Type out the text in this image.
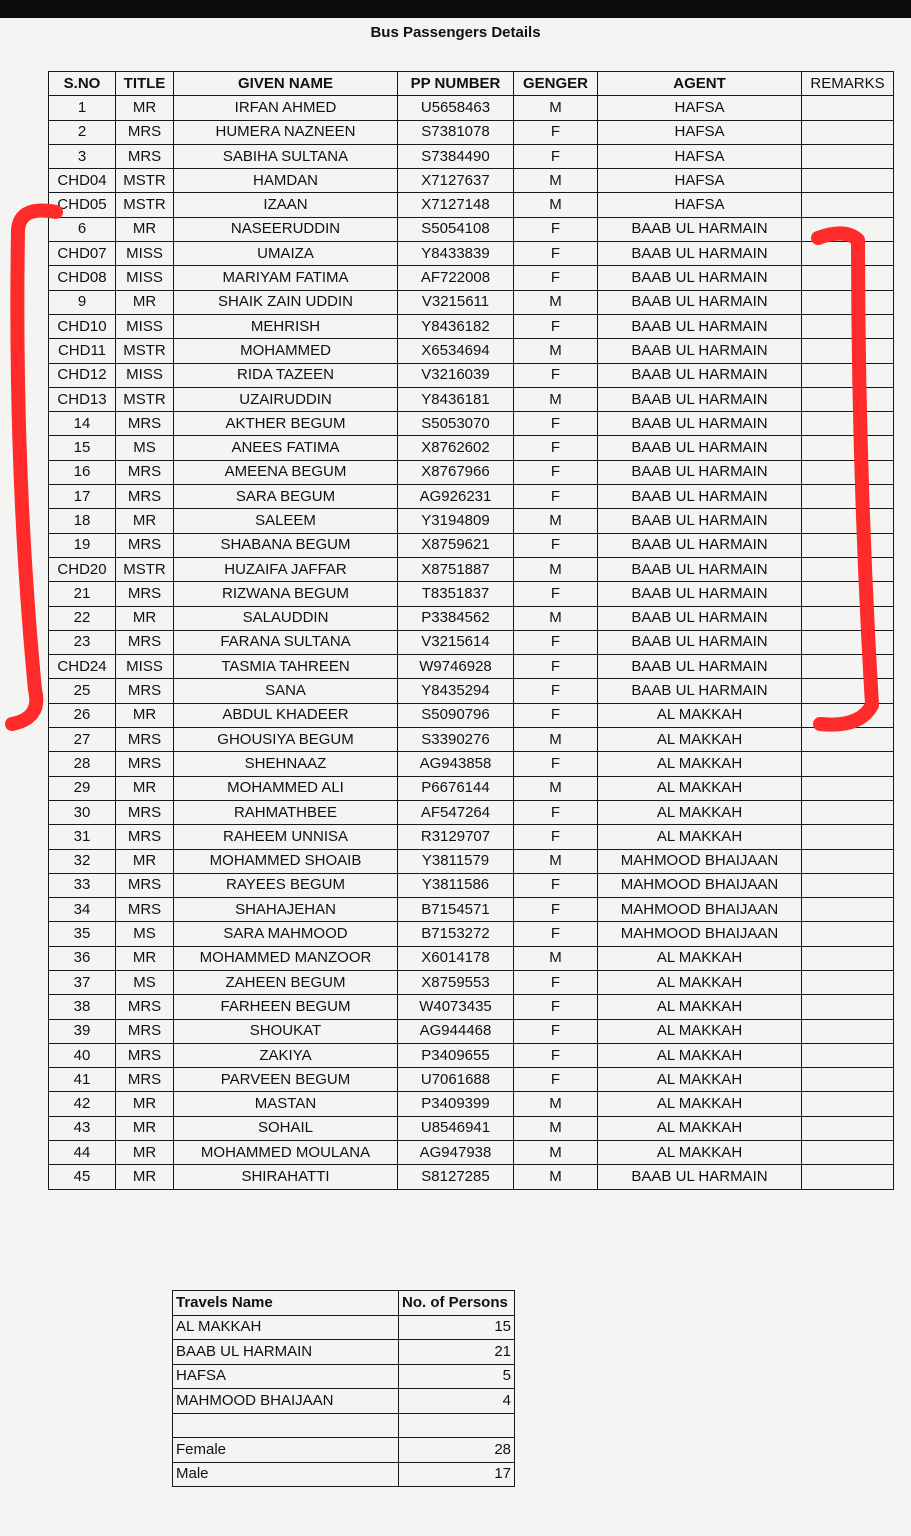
Bus Passengers Details
S.NO	TITLE	GIVEN NAME	PP NUMBER	GENGER	AGENT	REMARKS
1	MR	IRFAN AHMED	U5658463	M	HAFSA	
2	MRS	HUMERA NAZNEEN	S7381078	F	HAFSA	
3	MRS	SABIHA SULTANA	S7384490	F	HAFSA	
CHD04	MSTR	HAMDAN	X7127637	M	HAFSA	
CHD05	MSTR	IZAAN	X7127148	M	HAFSA	
6	MR	NASEERUDDIN	S5054108	F	BAAB UL HARMAIN	
CHD07	MISS	UMAIZA	Y8433839	F	BAAB UL HARMAIN	
CHD08	MISS	MARIYAM FATIMA	AF722008	F	BAAB UL HARMAIN	
9	MR	SHAIK ZAIN UDDIN	V3215611	M	BAAB UL HARMAIN	
CHD10	MISS	MEHRISH	Y8436182	F	BAAB UL HARMAIN	
CHD11	MSTR	MOHAMMED	X6534694	M	BAAB UL HARMAIN	
CHD12	MISS	RIDA TAZEEN	V3216039	F	BAAB UL HARMAIN	
CHD13	MSTR	UZAIRUDDIN	Y8436181	M	BAAB UL HARMAIN	
14	MRS	AKTHER BEGUM	S5053070	F	BAAB UL HARMAIN	
15	MS	ANEES FATIMA	X8762602	F	BAAB UL HARMAIN	
16	MRS	AMEENA BEGUM	X8767966	F	BAAB UL HARMAIN	
17	MRS	SARA BEGUM	AG926231	F	BAAB UL HARMAIN	
18	MR	SALEEM	Y3194809	M	BAAB UL HARMAIN	
19	MRS	SHABANA BEGUM	X8759621	F	BAAB UL HARMAIN	
CHD20	MSTR	HUZAIFA JAFFAR	X8751887	M	BAAB UL HARMAIN	
21	MRS	RIZWANA BEGUM	T8351837	F	BAAB UL HARMAIN	
22	MR	SALAUDDIN	P3384562	M	BAAB UL HARMAIN	
23	MRS	FARANA SULTANA	V3215614	F	BAAB UL HARMAIN	
CHD24	MISS	TASMIA TAHREEN	W9746928	F	BAAB UL HARMAIN	
25	MRS	SANA	Y8435294	F	BAAB UL HARMAIN	
26	MR	ABDUL KHADEER	S5090796	F	AL MAKKAH	
27	MRS	GHOUSIYA BEGUM	S3390276	M	AL MAKKAH	
28	MRS	SHEHNAAZ	AG943858	F	AL MAKKAH	
29	MR	MOHAMMED ALI	P6676144	M	AL MAKKAH	
30	MRS	RAHMATHBEE	AF547264	F	AL MAKKAH	
31	MRS	RAHEEM UNNISA	R3129707	F	AL MAKKAH	
32	MR	MOHAMMED SHOAIB	Y3811579	M	MAHMOOD BHAIJAAN	
33	MRS	RAYEES BEGUM	Y3811586	F	MAHMOOD BHAIJAAN	
34	MRS	SHAHAJEHAN	B7154571	F	MAHMOOD BHAIJAAN	
35	MS	SARA MAHMOOD	B7153272	F	MAHMOOD BHAIJAAN	
36	MR	MOHAMMED MANZOOR	X6014178	M	AL MAKKAH	
37	MS	ZAHEEN BEGUM	X8759553	F	AL MAKKAH	
38	MRS	FARHEEN BEGUM	W4073435	F	AL MAKKAH	
39	MRS	SHOUKAT	AG944468	F	AL MAKKAH	
40	MRS	ZAKIYA	P3409655	F	AL MAKKAH	
41	MRS	PARVEEN BEGUM	U7061688	F	AL MAKKAH	
42	MR	MASTAN	P3409399	M	AL MAKKAH	
43	MR	SOHAIL	U8546941	M	AL MAKKAH	
44	MR	MOHAMMED MOULANA	AG947938	M	AL MAKKAH	
45	MR	SHIRAHATTI	S8127285	M	BAAB UL HARMAIN	
Travels Name	No. of Persons
AL MAKKAH	15
BAAB UL HARMAIN	21
HAFSA	5
MAHMOOD BHAIJAAN	4

Female	28
Male	17
